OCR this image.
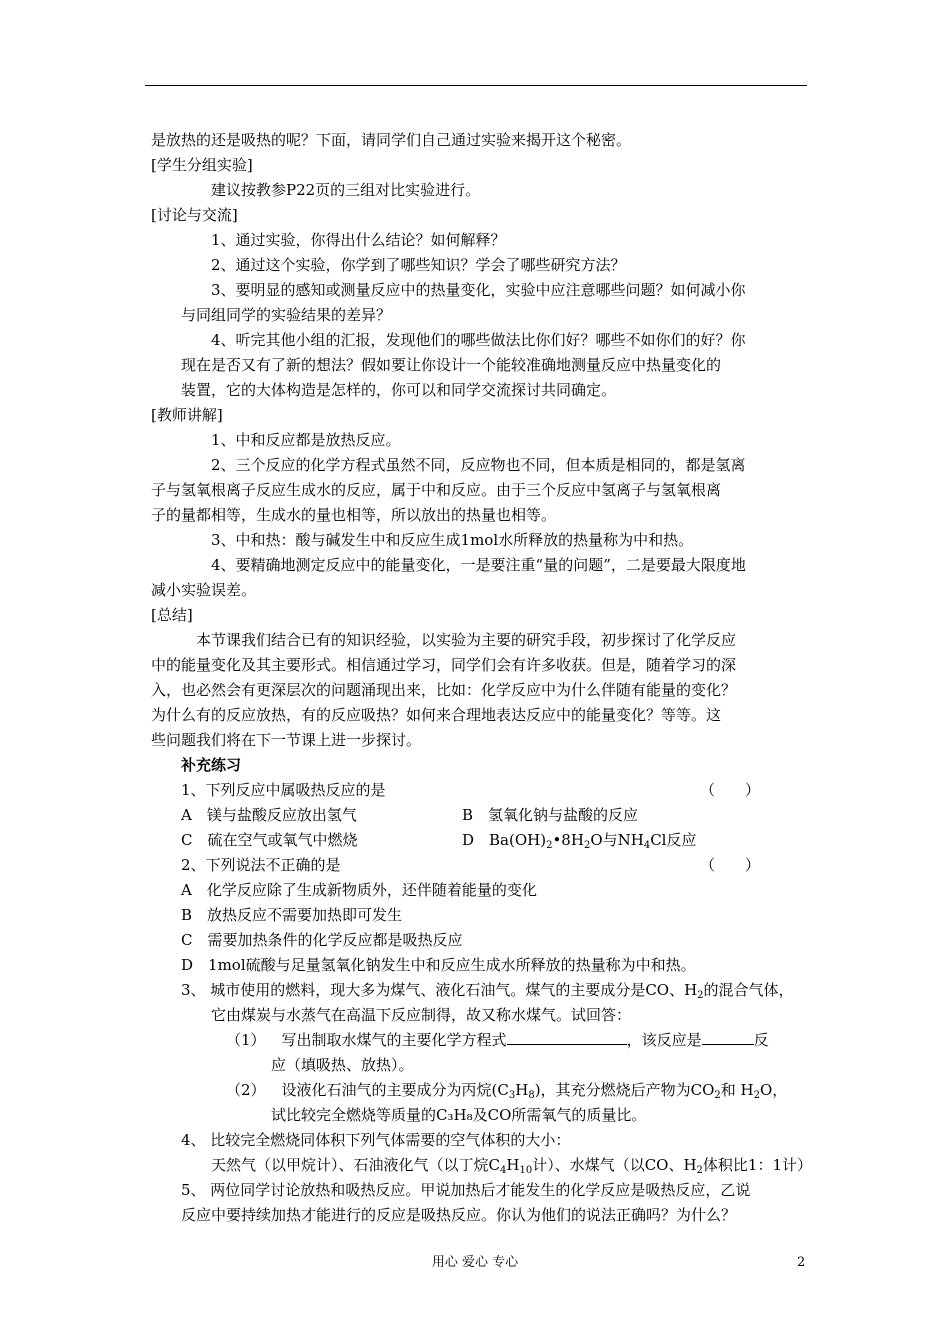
是放热的还是吸热的呢？下面，请同学们自己通过实验来揭开这个秘密。
[学生分组实验]
建议按教参P22页的三组对比实验进行。
[讨论与交流]
1、通过实验，你得出什么结论？如何解释？
2、通过这个实验，你学到了哪些知识？学会了哪些研究方法？
3、要明显的感知或测量反应中的热量变化，实验中应注意哪些问题？如何减小你
与同组同学的实验结果的差异？
4、听完其他小组的汇报，发现他们的哪些做法比你们好？哪些不如你们的好？你
现在是否又有了新的想法？假如要让你设计一个能较准确地测量反应中热量变化的
装置，它的大体构造是怎样的，你可以和同学交流探讨共同确定。
[教师讲解]
1、中和反应都是放热反应。
2、三个反应的化学方程式虽然不同，反应物也不同，但本质是相同的，都是氢离
子与氢氧根离子反应生成水的反应，属于中和反应。由于三个反应中氢离子与氢氧根离
子的量都相等，生成水的量也相等，所以放出的热量也相等。
3、中和热：酸与碱发生中和反应生成1mol水所释放的热量称为中和热。
4、要精确地测定反应中的能量变化，一是要注重“量的问题”，二是要最大限度地
减小实验误差。
[总结]
本节课我们结合已有的知识经验，以实验为主要的研究手段，初步探讨了化学反应
中的能量变化及其主要形式。相信通过学习，同学们会有许多收获。但是，随着学习的深
入，也必然会有更深层次的问题涌现出来，比如：化学反应中为什么伴随有能量的变化？
为什么有的反应放热，有的反应吸热？如何来合理地表达反应中的能量变化？等等。这
些问题我们将在下一节课上进一步探讨。
补充练习
1、下列反应中属吸热反应的是	（　　）
A　镁与盐酸反应放出氢气	B　氢氧化钠与盐酸的反应
C　硫在空气或氧气中燃烧	D　$Ba(OH)_2•8H_2O$与$NH_4Cl$反应
2、下列说法不正确的是	（　　）
A　化学反应除了生成新物质外，还伴随着能量的变化
B　放热反应不需要加热即可发生
C　需要加热条件的化学反应都是吸热反应
D　1mol硫酸与足量氢氧化钠发生中和反应生成水所释放的热量称为中和热。
3、 城市使用的燃料，现大多为煤气、液化石油气。煤气的主要成分是CO、$H_2$的混合气体，
它由煤炭与水蒸气在高温下反应制得，故又称水煤气。试回答：
（1） 写出制取水煤气的主要化学方程式	，该反应是	反
应（填吸热、放热）。
（2） 设液化石油气的主要成分为丙烷$(C_3H_8)$，其充分燃烧后产物为$CO_2$和 $H_2O$，
试比较完全燃烧等质量的C₃H₈及CO所需氧气的质量比。
4、 比较完全燃烧同体积下列气体需要的空气体积的大小：
天然气（以甲烷计）、石油液化气（以丁烷$C_4H_{10}$计）、水煤气（以CO、$H_2$体积比1：1计）
5、 两位同学讨论放热和吸热反应。甲说加热后才能发生的化学反应是吸热反应，乙说
反应中要持续加热才能进行的反应是吸热反应。你认为他们的说法正确吗？为什么？
用心 爱心 专心	2
